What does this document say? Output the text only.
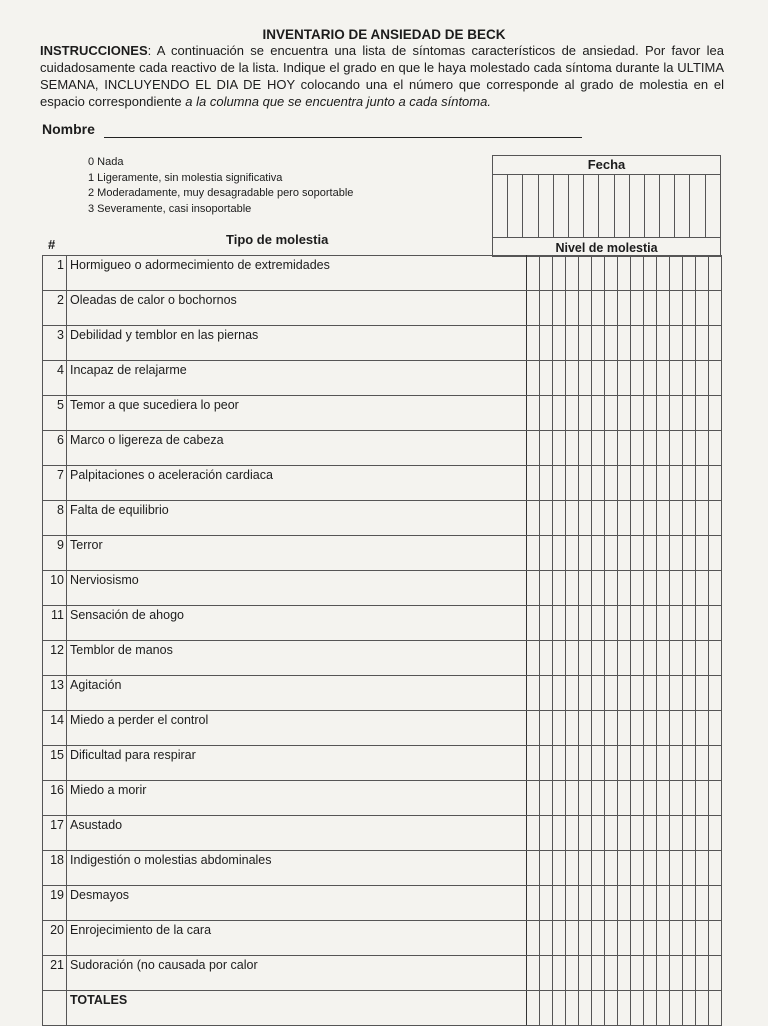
INVENTARIO DE ANSIEDAD DE BECK
INSTRUCCIONES: A continuación se encuentra una lista de síntomas característicos de ansiedad. Por favor lea cuidadosamente cada reactivo de la lista. Indique el grado en que le haya molestado cada síntoma durante la ULTIMA SEMANA, INCLUYENDO EL DIA DE HOY colocando una el número que corresponde al grado de molestia en el espacio correspondiente a la columna que se encuentra junto a cada síntoma.
Nombre
0 Nada
1 Ligeramente, sin molestia significativa
2 Moderadamente, muy desagradable pero soportable
3 Severamente, casi insoportable
Fecha

Nivel de molestia
#	Tipo de molestia
1	Hormigueo o adormecimiento de extremidades															
2	Oleadas de calor o bochornos															
3	Debilidad y temblor en las piernas															
4	Incapaz de relajarme															
5	Temor a que sucediera lo peor															
6	Marco o ligereza de cabeza															
7	Palpitaciones o aceleración cardiaca															
8	Falta de equilibrio															
9	Terror															
10	Nerviosismo															
11	Sensación de ahogo															
12	Temblor de manos															
13	Agitación															
14	Miedo a perder el control															
15	Dificultad para respirar															
16	Miedo a morir															
17	Asustado															
18	Indigestión o molestias abdominales															
19	Desmayos															
20	Enrojecimiento de la cara															
21	Sudoración (no causada por calor															
	TOTALES															
